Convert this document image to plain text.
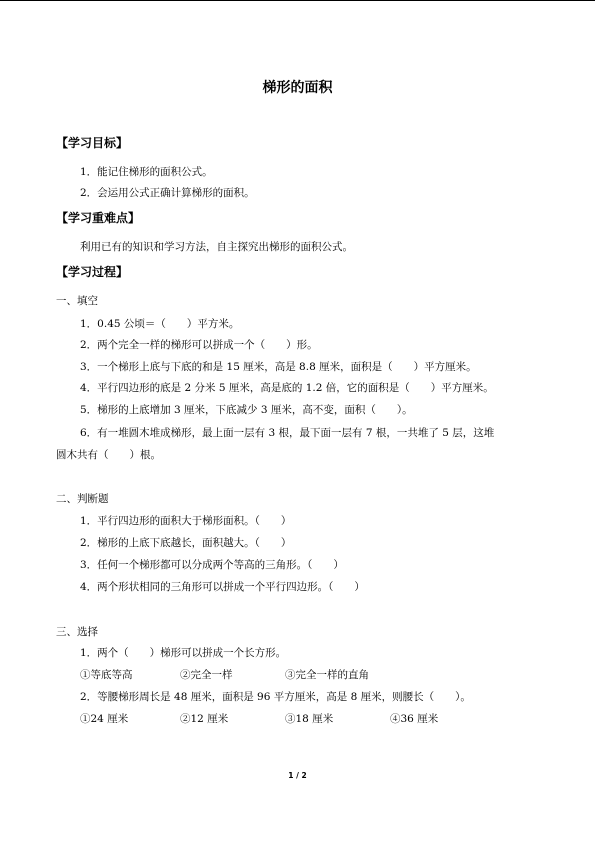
梯形的面积
【学习目标】
1．能记住梯形的面积公式。
2．会运用公式正确计算梯形的面积。
【学习重难点】
利用已有的知识和学习方法，自主探究出梯形的面积公式。
【学习过程】
一、填空
1．0.45 公顷＝（　　）平方米。
2．两个完全一样的梯形可以拼成一个（　　）形。
3．一个梯形上底与下底的和是 15 厘米，高是 8.8 厘米，面积是（　　）平方厘米。
4．平行四边形的底是 2 分米 5 厘米，高是底的 1.2 倍，它的面积是（　　）平方厘米。
5．梯形的上底增加 3 厘米，下底减少 3 厘米，高不变，面积（　　）。
6．有一堆圆木堆成梯形，最上面一层有 3 根，最下面一层有 7 根，一共堆了 5 层，这堆
圆木共有（　　）根。
二、判断题
1．平行四边形的面积大于梯形面积。（　　）
2．梯形的上底下底越长，面积越大。（　　）
3．任何一个梯形都可以分成两个等高的三角形。（　　）
4．两个形状相同的三角形可以拼成一个平行四边形。（　　）
三、选择
1．两个（　　）梯形可以拼成一个长方形。
①等底等高	②完全一样	③完全一样的直角
2．等腰梯形周长是 48 厘米，面积是 96 平方厘米，高是 8 厘米，则腰长（　　）。
①24 厘米	②12 厘米	③18 厘米	④36 厘米
1 / 2
